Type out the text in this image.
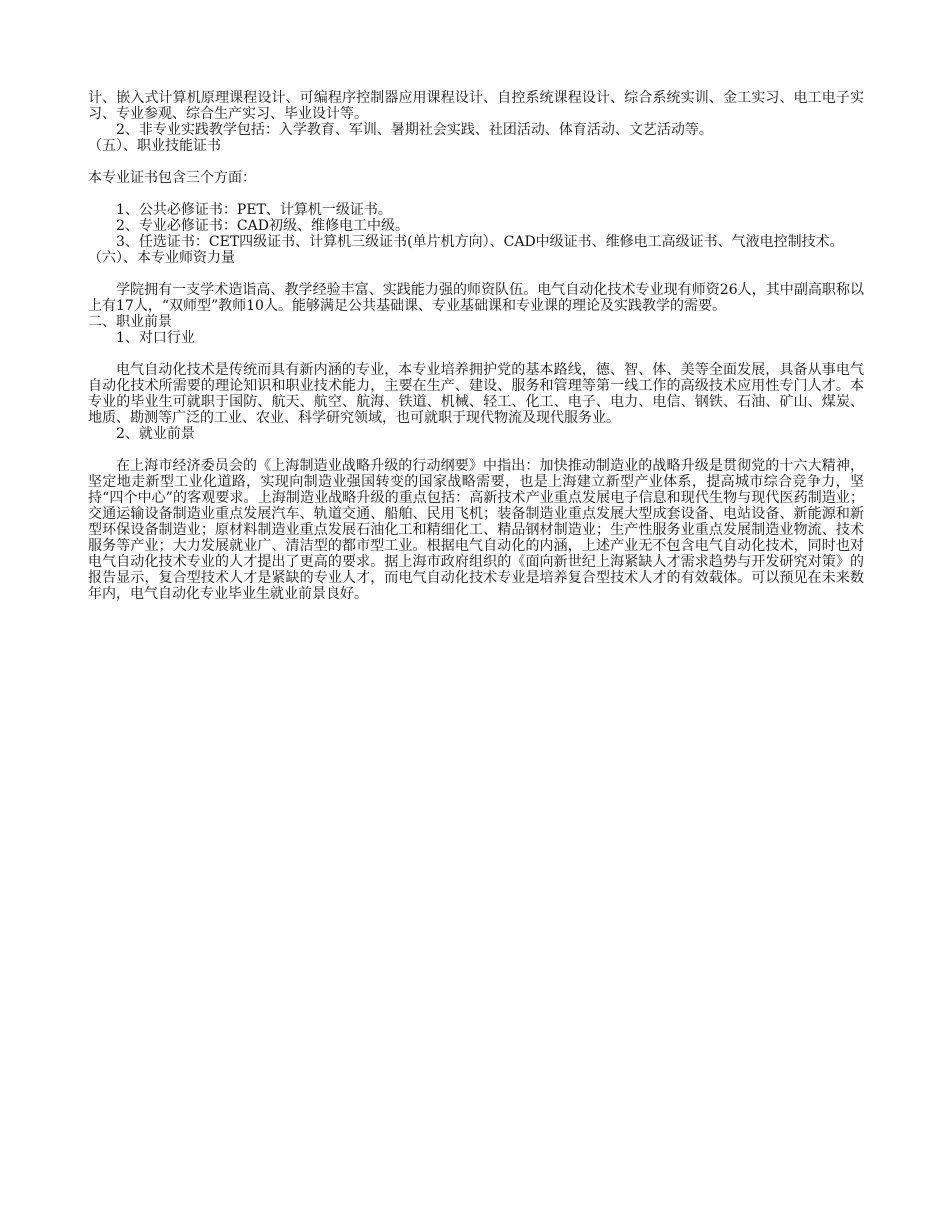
计、嵌入式计算机原理课程设计、可编程序控制器应用课程设计、自控系统课程设计、综合系统实训、金工实习、电工电子实习、专业参观、综合生产实习、毕业设计等。

2、非专业实践教学包括：入学教育、军训、暑期社会实践、社团活动、体育活动、文艺活动等。

（五）、职业技能证书

本专业证书包含三个方面：

1、公共必修证书：PET、计算机一级证书。

2、专业必修证书：CAD初级、维修电工中级。

3、任选证书：CET四级证书、计算机三级证书(单片机方向）、CAD中级证书、维修电工高级证书、气液电控制技术。

（六）、本专业师资力量

学院拥有一支学术造诣高、教学经验丰富、实践能力强的师资队伍。电气自动化技术专业现有师资26人，其中副高职称以上有17人，“双师型”教师10人。能够满足公共基础课、专业基础课和专业课的理论及实践教学的需要。

二、职业前景

1、对口行业

电气自动化技术是传统而具有新内涵的专业，本专业培养拥护党的基本路线，德、智、体、美等全面发展，具备从事电气自动化技术所需要的理论知识和职业技术能力，主要在生产、建设、服务和管理等第一线工作的高级技术应用性专门人才。本专业的毕业生可就职于国防、航天、航空、航海、铁道、机械、轻工、化工、电子、电力、电信、钢铁、石油、矿山、煤炭、地质、勘测等广泛的工业、农业、科学研究领域，也可就职于现代物流及现代服务业。

2、就业前景

在上海市经济委员会的《上海制造业战略升级的行动纲要》中指出：加快推动制造业的战略升级是贯彻党的十六大精神，坚定地走新型工业化道路，实现向制造业强国转变的国家战略需要，也是上海建立新型产业体系，提高城市综合竞争力，坚持“四个中心”的客观要求。上海制造业战略升级的重点包括：高新技术产业重点发展电子信息和现代生物与现代医药制造业；交通运输设备制造业重点发展汽车、轨道交通、船舶、民用飞机；装备制造业重点发展大型成套设备、电站设备、新能源和新型环保设备制造业；原材料制造业重点发展石油化工和精细化工、精品钢材制造业；生产性服务业重点发展制造业物流、技术服务等产业；大力发展就业广、清洁型的都市型工业。根据电气自动化的内涵，上述产业无不包含电气自动化技术，同时也对电气自动化技术专业的人才提出了更高的要求。据上海市政府组织的《面向新世纪上海紧缺人才需求趋势与开发研究对策》的报告显示，复合型技术人才是紧缺的专业人才，而电气自动化技术专业是培养复合型技术人才的有效载体。可以预见在未来数年内，电气自动化专业毕业生就业前景良好。
